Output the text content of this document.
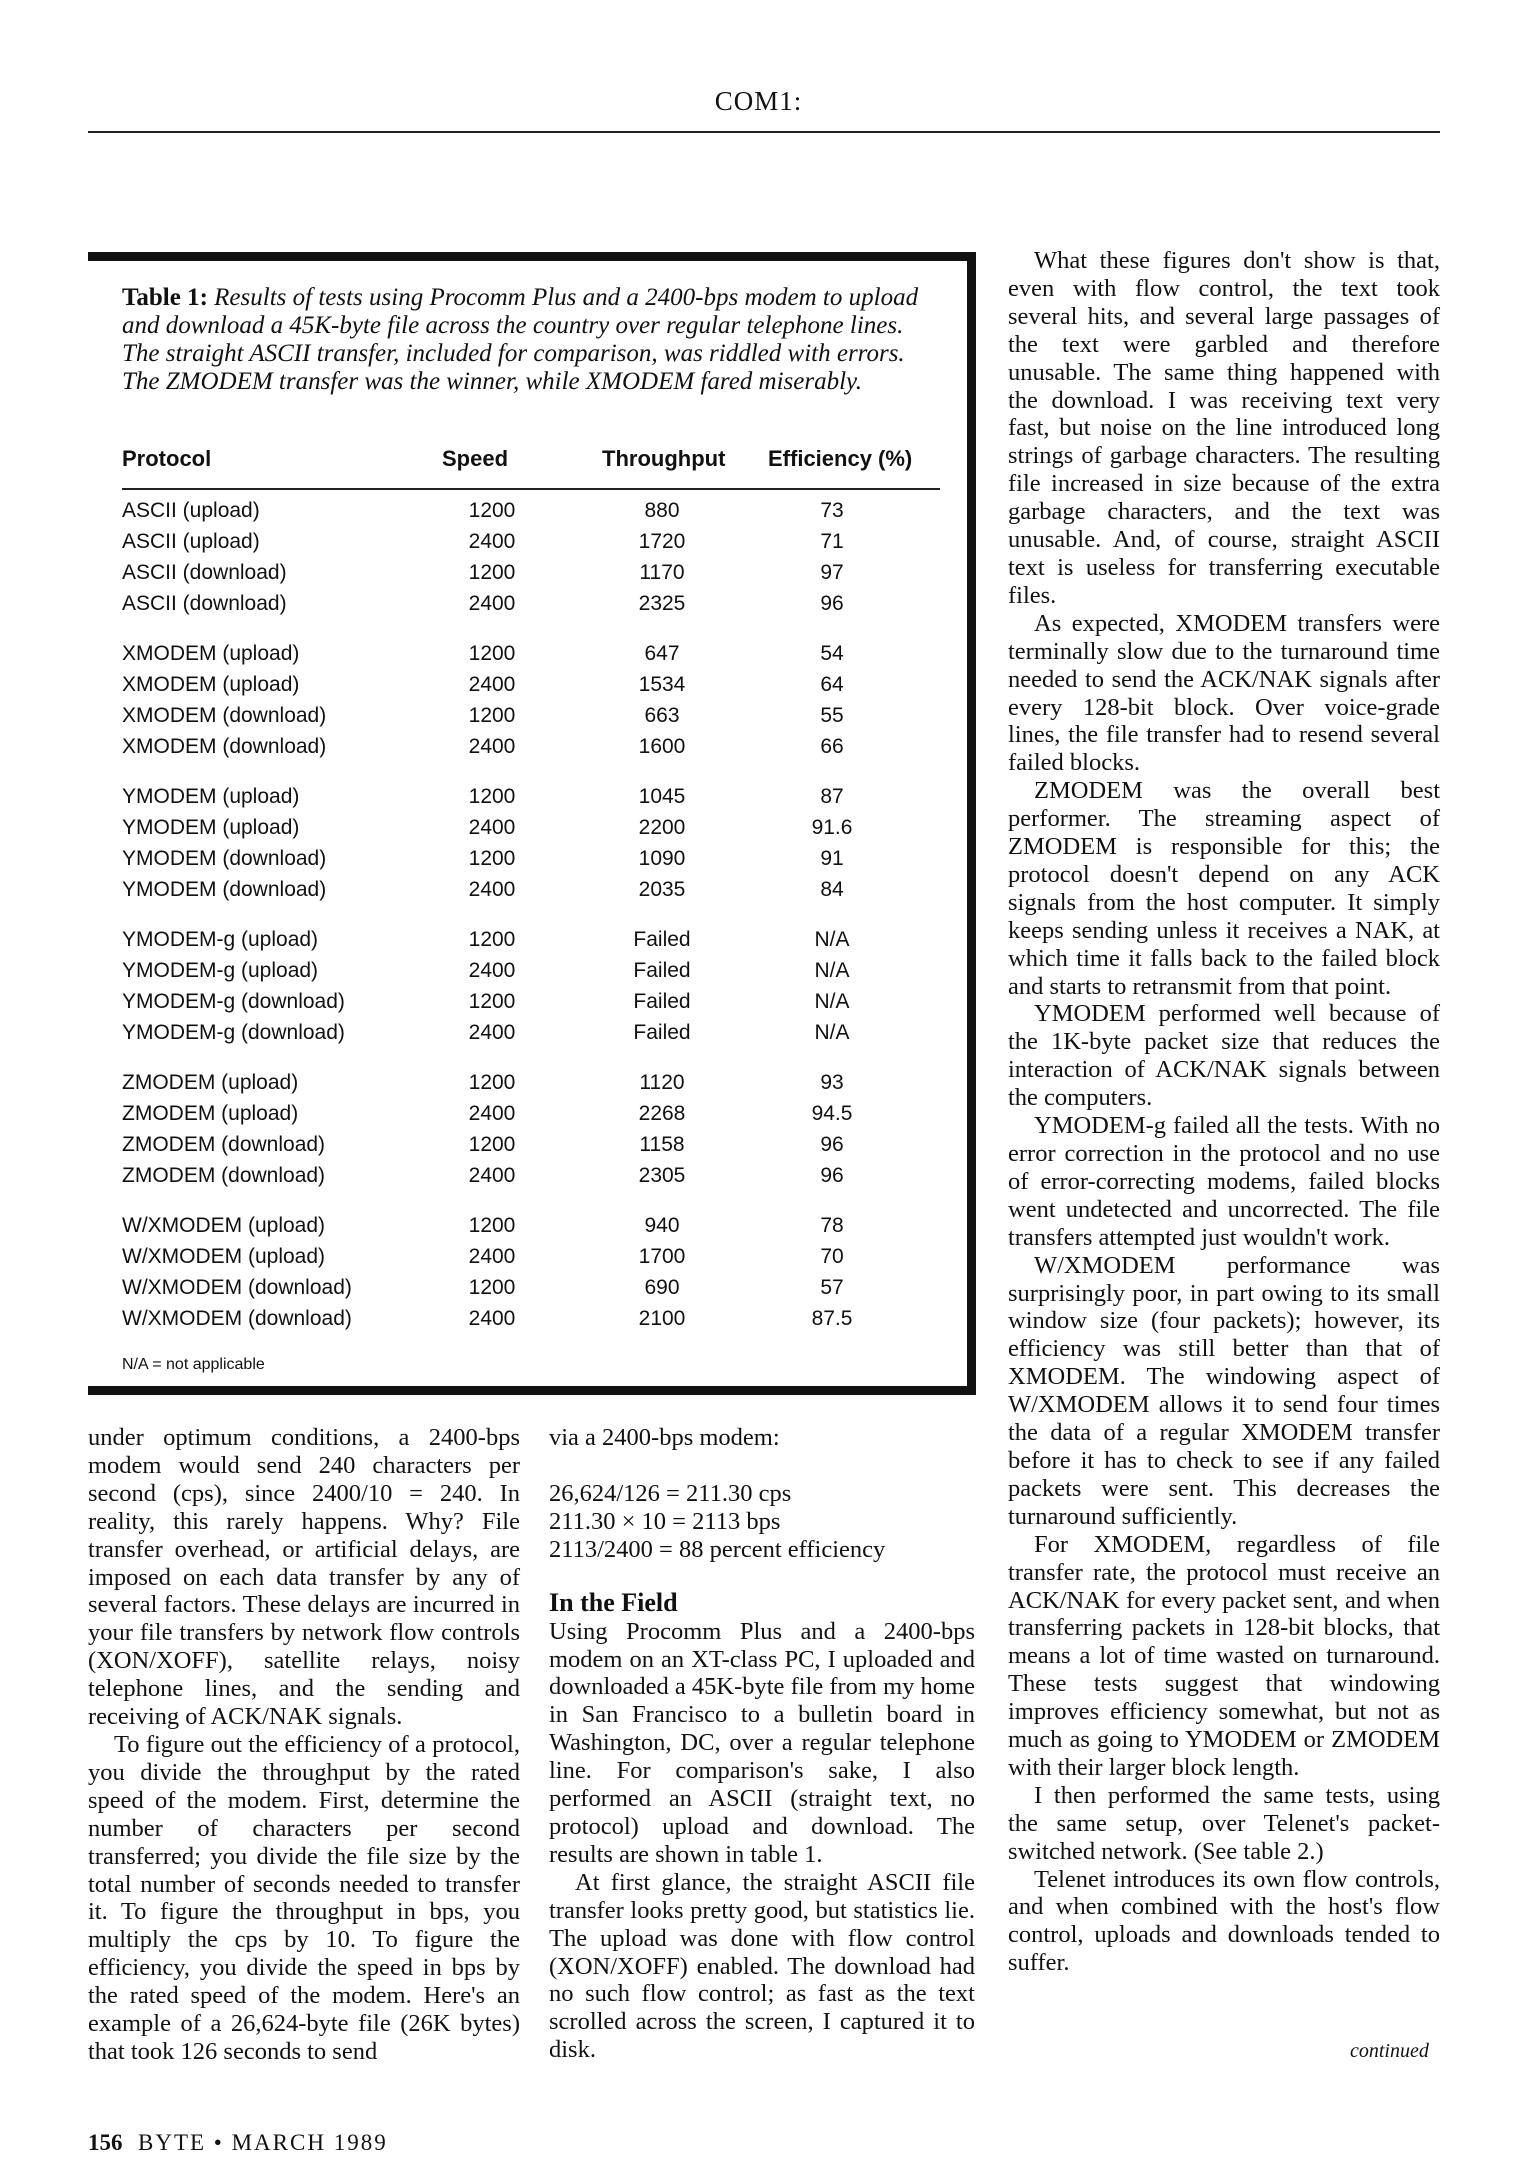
COM1:
Table 1: Results of tests using Procomm Plus and a 2400-bps modem to upload and download a 45K-byte file across the country over regular telephone lines. The straight ASCII transfer, included for comparison, was riddled with errors. The ZMODEM transfer was the winner, while XMODEM fared miserably.
Protocol	Speed	Throughput Efficiency (%)
ASCII (upload)	1200	880	73
ASCII (upload)	2400	1720	71
ASCII (download)	1200	1170	97
ASCII (download)	2400	2325	96
XMODEM (upload)	1200	647	54
XMODEM (upload)	2400	1534	64
XMODEM (download)	1200	663	55
XMODEM (download)	2400	1600	66
YMODEM (upload)	1200	1045	87
YMODEM (upload)	2400	2200	91.6
YMODEM (download)	1200	1090	91
YMODEM (download)	2400	2035	84
YMODEM-g (upload)	1200	Failed	N/A
YMODEM-g (upload)	2400	Failed	N/A
YMODEM-g (download)	1200	Failed	N/A
YMODEM-g (download)	2400	Failed	N/A
ZMODEM (upload)	1200	1120	93
ZMODEM (upload)	2400	2268	94.5
ZMODEM (download)	1200	1158	96
ZMODEM (download)	2400	2305	96
W/XMODEM (upload)	1200	940	78
W/XMODEM (upload)	2400	1700	70
W/XMODEM (download)	1200	690	57
W/XMODEM (download)	2400	2100	87.5
N/A = not applicable

under optimum conditions, a 2400-bps modem would send 240 characters per second (cps), since 2400/10 = 240. In reality, this rarely happens. Why? File transfer overhead, or artificial delays, are imposed on each data transfer by any of several factors. These delays are incurred in your file transfers by network flow controls (XON/XOFF), satellite relays, noisy telephone lines, and the sending and receiving of ACK/NAK signals.

To figure out the efficiency of a protocol, you divide the throughput by the rated speed of the modem. First, determine the number of characters per second transferred; you divide the file size by the total number of seconds needed to transfer it. To figure the throughput in bps, you multiply the cps by 10. To figure the efficiency, you divide the speed in bps by the rated speed of the modem. Here's an example of a 26,624-byte file (26K bytes) that took 126 seconds to send

via a 2400-bps modem:

26,624/126 = 211.30 cps
211.30 × 10 = 2113 bps
2113/2400 = 88 percent efficiency
In the Field

Using Procomm Plus and a 2400-bps modem on an XT-class PC, I uploaded and downloaded a 45K-byte file from my home in San Francisco to a bulletin board in Washington, DC, over a regular telephone line. For comparison's sake, I also performed an ASCII (straight text, no protocol) upload and download. The results are shown in table 1.

At first glance, the straight ASCII file transfer looks pretty good, but statistics lie. The upload was done with flow control (XON/XOFF) enabled. The download had no such flow control; as fast as the text scrolled across the screen, I captured it to disk.

What these figures don't show is that, even with flow control, the text took several hits, and several large passages of the text were garbled and therefore unusable. The same thing happened with the download. I was receiving text very fast, but noise on the line introduced long strings of garbage characters. The resulting file increased in size because of the extra garbage characters, and the text was unusable. And, of course, straight ASCII text is useless for transferring executable files.

As expected, XMODEM transfers were terminally slow due to the turnaround time needed to send the ACK/NAK signals after every 128-bit block. Over voice-grade lines, the file transfer had to resend several failed blocks.

ZMODEM was the overall best performer. The streaming aspect of ZMODEM is responsible for this; the protocol doesn't depend on any ACK signals from the host computer. It simply keeps sending unless it receives a NAK, at which time it falls back to the failed block and starts to retransmit from that point.

YMODEM performed well because of the 1K-byte packet size that reduces the interaction of ACK/NAK signals between the computers.

YMODEM-g failed all the tests. With no error correction in the protocol and no use of error-correcting modems, failed blocks went undetected and uncorrected. The file transfers attempted just wouldn't work.

W/XMODEM performance was surprisingly poor, in part owing to its small window size (four packets); however, its efficiency was still better than that of XMODEM. The windowing aspect of W/XMODEM allows it to send four times the data of a regular XMODEM transfer before it has to check to see if any failed packets were sent. This decreases the turnaround sufficiently.

For XMODEM, regardless of file transfer rate, the protocol must receive an ACK/NAK for every packet sent, and when transferring packets in 128-bit blocks, that means a lot of time wasted on turnaround. These tests suggest that windowing improves efficiency somewhat, but not as much as going to YMODEM or ZMODEM with their larger block length.

I then performed the same tests, using the same setup, over Telenet's packet-switched network. (See table 2.)

Telenet introduces its own flow controls, and when combined with the host's flow control, uploads and downloads tended to suffer.

continued
156 BYTE • MARCH 1989
